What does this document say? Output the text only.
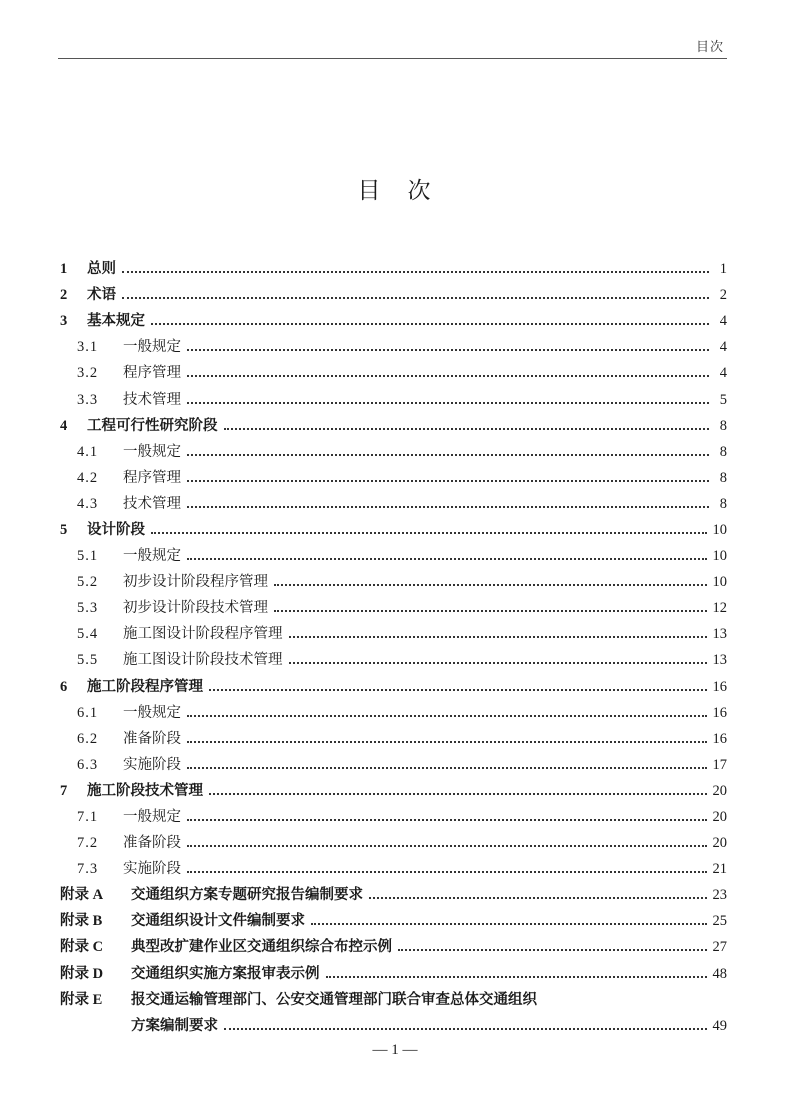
目次
目　次
1	总则	1
2	术语	2
3	基本规定	4
3.1	一般规定	4
3.2	程序管理	4
3.3	技术管理	5
4	工程可行性研究阶段	8
4.1	一般规定	8
4.2	程序管理	8
4.3	技术管理	8
5	设计阶段	10
5.1	一般规定	10
5.2	初步设计阶段程序管理	10
5.3	初步设计阶段技术管理	12
5.4	施工图设计阶段程序管理	13
5.5	施工图设计阶段技术管理	13
6	施工阶段程序管理	16
6.1	一般规定	16
6.2	准备阶段	16
6.3	实施阶段	17
7	施工阶段技术管理	20
7.1	一般规定	20
7.2	准备阶段	20
7.3	实施阶段	21
附录 A	交通组织方案专题研究报告编制要求	23
附录 B	交通组织设计文件编制要求	25
附录 C	典型改扩建作业区交通组织综合布控示例	27
附录 D	交通组织实施方案报审表示例	48
附录 E	报交通运输管理部门、公安交通管理部门联合审查总体交通组织
方案编制要求	49
— 1 —
